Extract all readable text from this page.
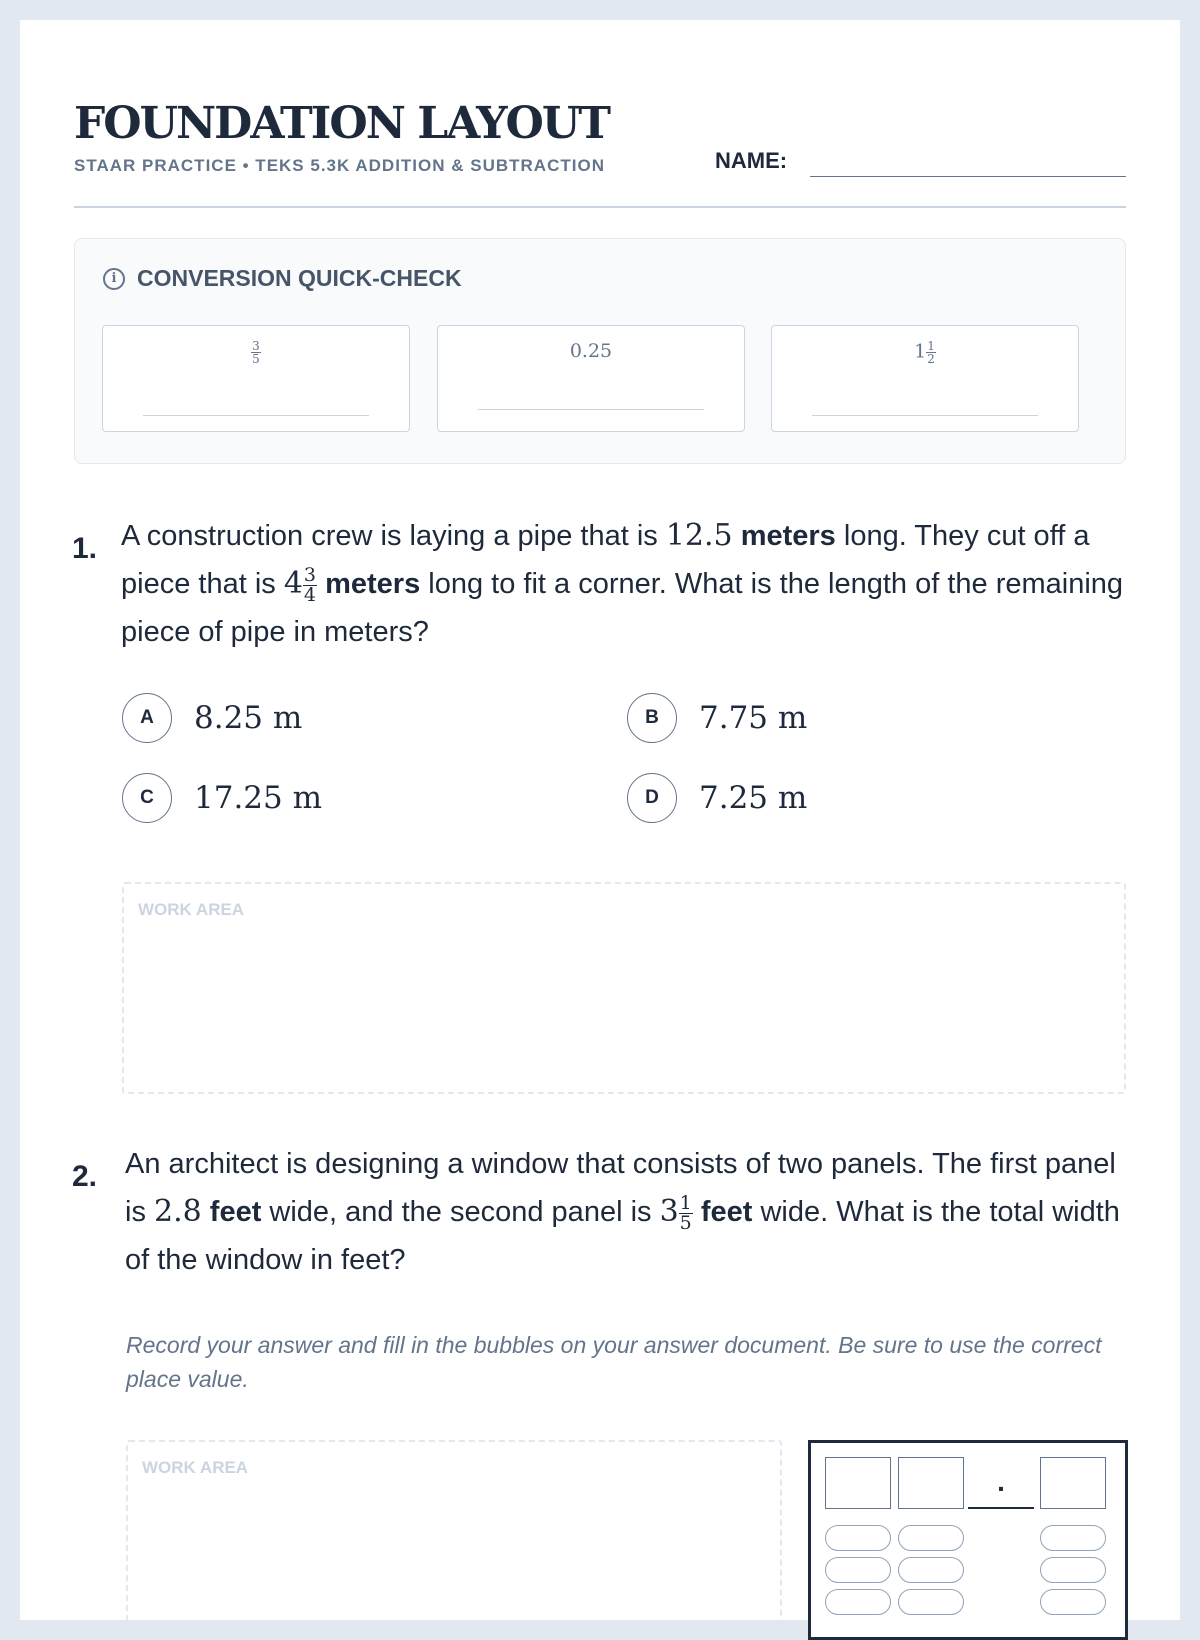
FOUNDATION LAYOUT
STAAR PRACTICE • TEKS 5.3K ADDITION & SUBTRACTION	NAME:
i CONVERSION QUICK-CHECK
$\frac{3}{5}$	0.25	$1 \frac{1}{2}$
1. A construction crew is laying a pipe that is 12.5 meters long. They cut off a piece that is $4 \frac{3}{4}$ meters long to fit a corner. What is the length of the remaining piece of pipe in meters?
A	8.25 m	B	7.75 m
C	17.25 m	D	7.25 m
WORK AREA
2. An architect is designing a window that consists of two panels. The first panel is 2.8 feet wide, and the second panel is $3 \frac{1}{5}$ feet wide. What is the total width of the window in feet?
Record your answer and fill in the bubbles on your answer document. Be sure to use the correct place value.
WORK AREA	.
